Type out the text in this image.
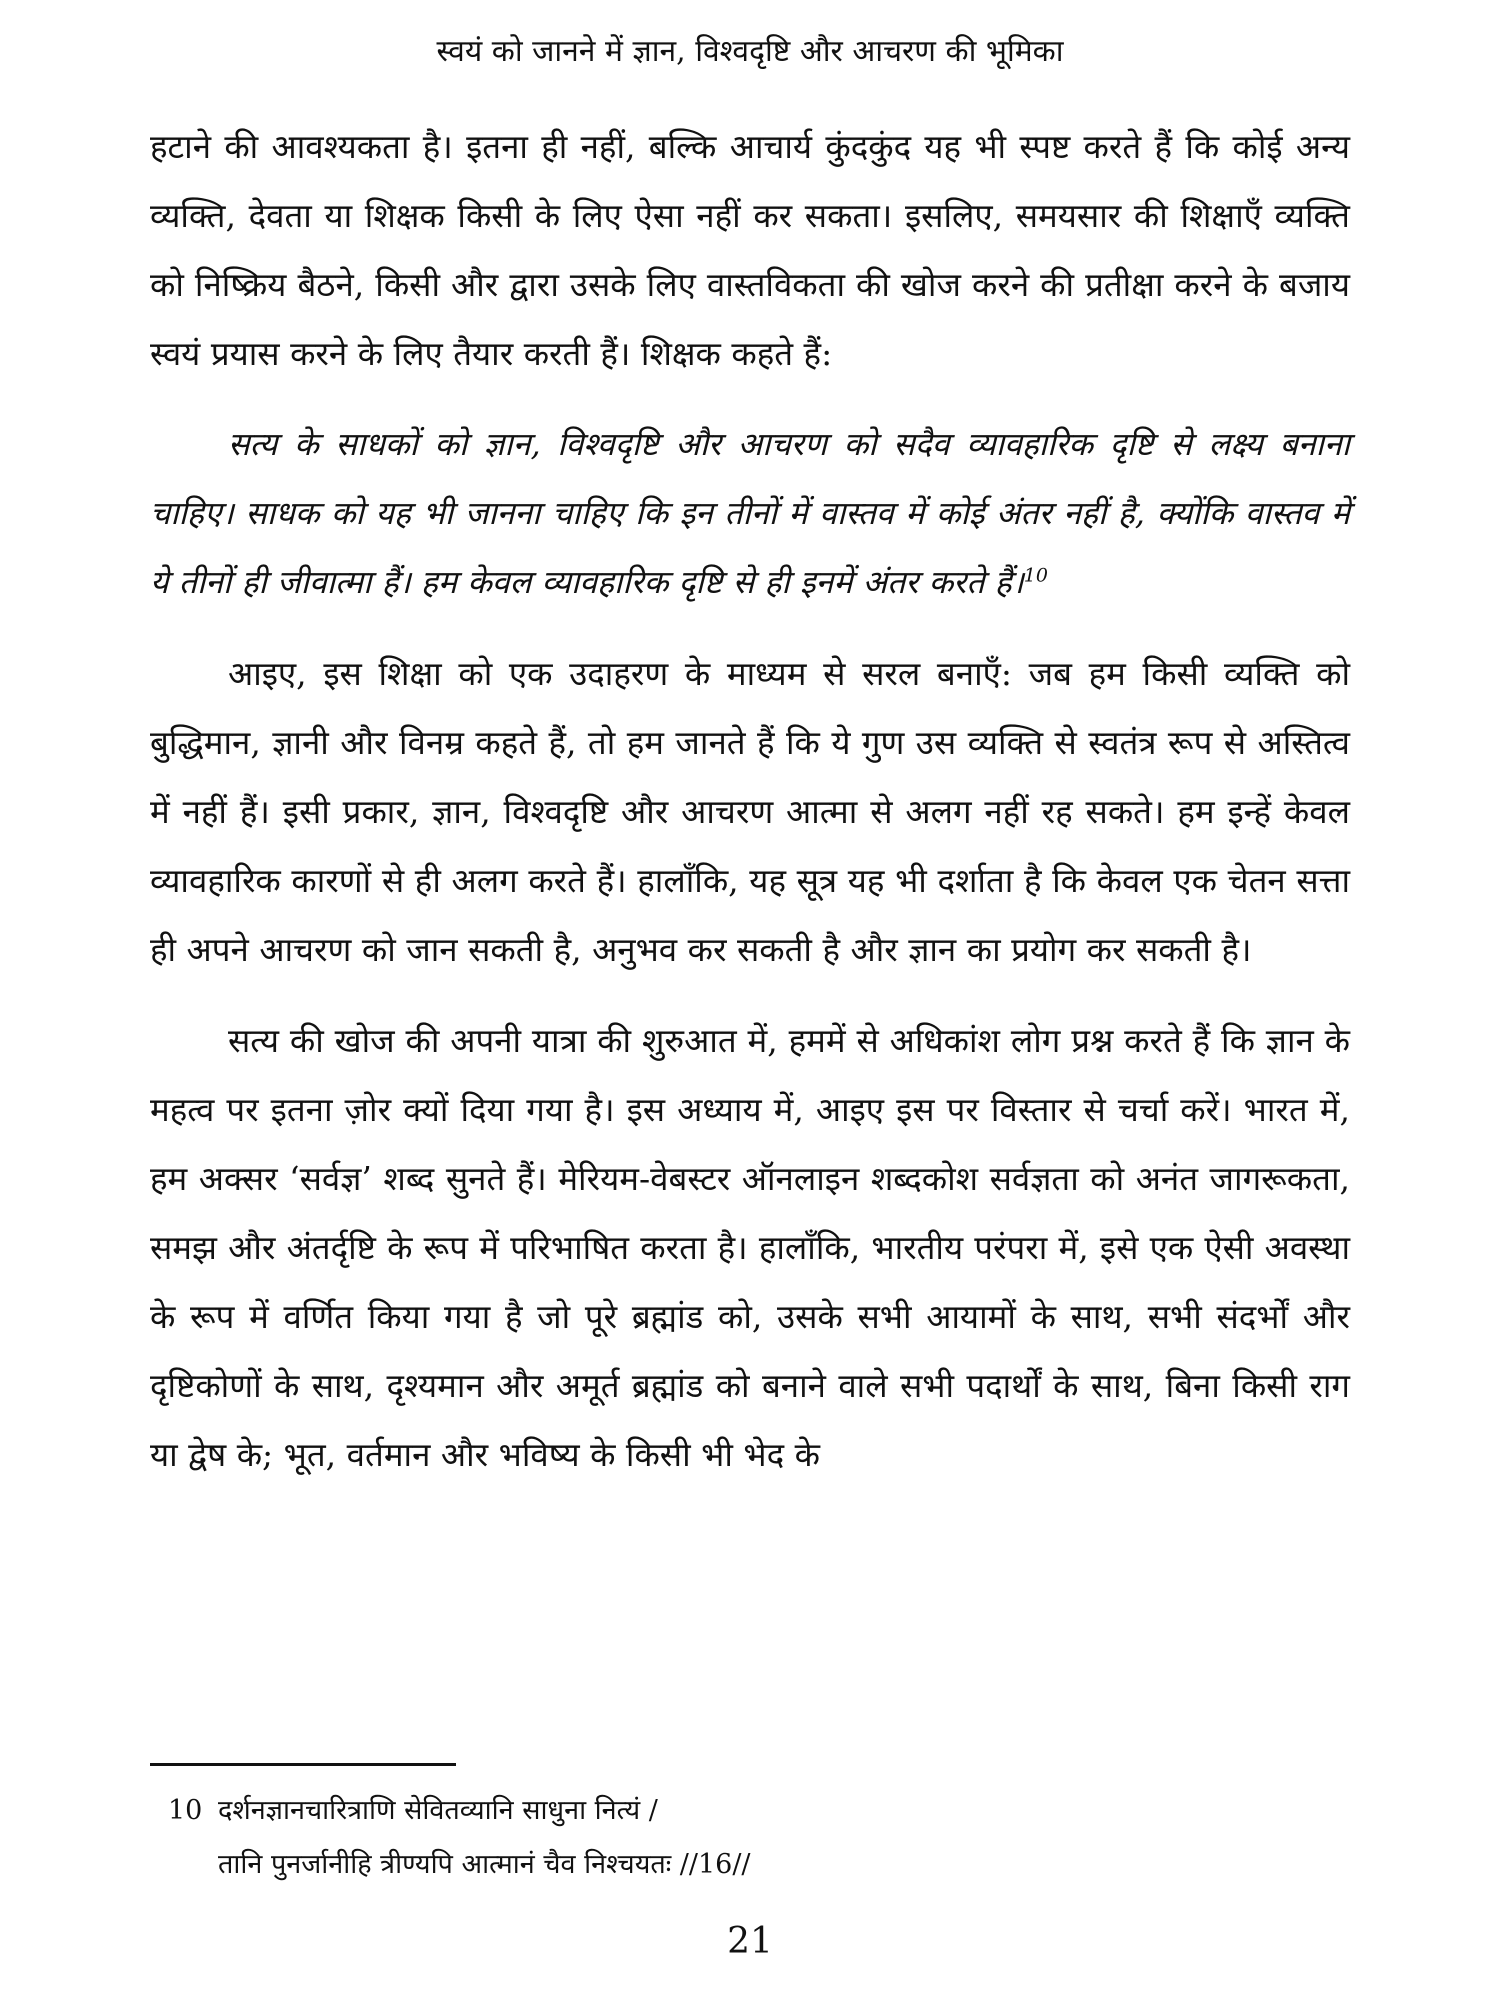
स्वयं को जानने में ज्ञान, विश्वदृष्टि और आचरण की भूमिका

हटाने की आवश्यकता है। इतना ही नहीं, बल्कि आचार्य कुंदकुंद यह भी स्पष्ट करते हैं कि कोई अन्य व्यक्ति, देवता या शिक्षक किसी के लिए ऐसा नहीं कर सकता। इसलिए, समयसार की शिक्षाएँ व्यक्ति को निष्क्रिय बैठने, किसी और द्वारा उसके लिए वास्तविकता की खोज करने की प्रतीक्षा करने के बजाय स्वयं प्रयास करने के लिए तैयार करती हैं। शिक्षक कहते हैं:

सत्य के साधकों को ज्ञान, विश्वदृष्टि और आचरण को सदैव व्यावहारिक दृष्टि से लक्ष्य बनाना चाहिए। साधक को यह भी जानना चाहिए कि इन तीनों में वास्तव में कोई अंतर नहीं है, क्योंकि वास्तव में ये तीनों ही जीवात्मा हैं। हम केवल व्यावहारिक दृष्टि से ही इनमें अंतर करते हैं।$^{10}$

आइए, इस शिक्षा को एक उदाहरण के माध्यम से सरल बनाएँ: जब हम किसी व्यक्ति को बुद्धिमान, ज्ञानी और विनम्र कहते हैं, तो हम जानते हैं कि ये गुण उस व्यक्ति से स्वतंत्र रूप से अस्तित्व में नहीं हैं। इसी प्रकार, ज्ञान, विश्वदृष्टि और आचरण आत्मा से अलग नहीं रह सकते। हम इन्हें केवल व्यावहारिक कारणों से ही अलग करते हैं। हालाँकि, यह सूत्र यह भी दर्शाता है कि केवल एक चेतन सत्ता ही अपने आचरण को जान सकती है, अनुभव कर सकती है और ज्ञान का प्रयोग कर सकती है।

सत्य की खोज की अपनी यात्रा की शुरुआत में, हममें से अधिकांश लोग प्रश्न करते हैं कि ज्ञान के महत्व पर इतना ज़ोर क्यों दिया गया है। इस अध्याय में, आइए इस पर विस्तार से चर्चा करें। भारत में, हम अक्सर ‘सर्वज्ञ’ शब्द सुनते हैं। मेरियम-वेबस्टर ऑनलाइन शब्दकोश सर्वज्ञता को अनंत जागरूकता, समझ और अंतर्दृष्टि के रूप में परिभाषित करता है। हालाँकि, भारतीय परंपरा में, इसे एक ऐसी अवस्था के रूप में वर्णित किया गया है जो पूरे ब्रह्मांड को, उसके सभी आयामों के साथ, सभी संदर्भों और दृष्टिकोणों के साथ, दृश्यमान और अमूर्त ब्रह्मांड को बनाने वाले सभी पदार्थों के साथ, बिना किसी राग या द्वेष के; भूत, वर्तमान और भविष्य के किसी भी भेद के

10 दर्शनज्ञानचारित्राणि सेवितव्यानि साधुना नित्यं /
तानि पुनर्जानीहि त्रीण्यपि आत्मानं चैव निश्चयतः //16//
21
